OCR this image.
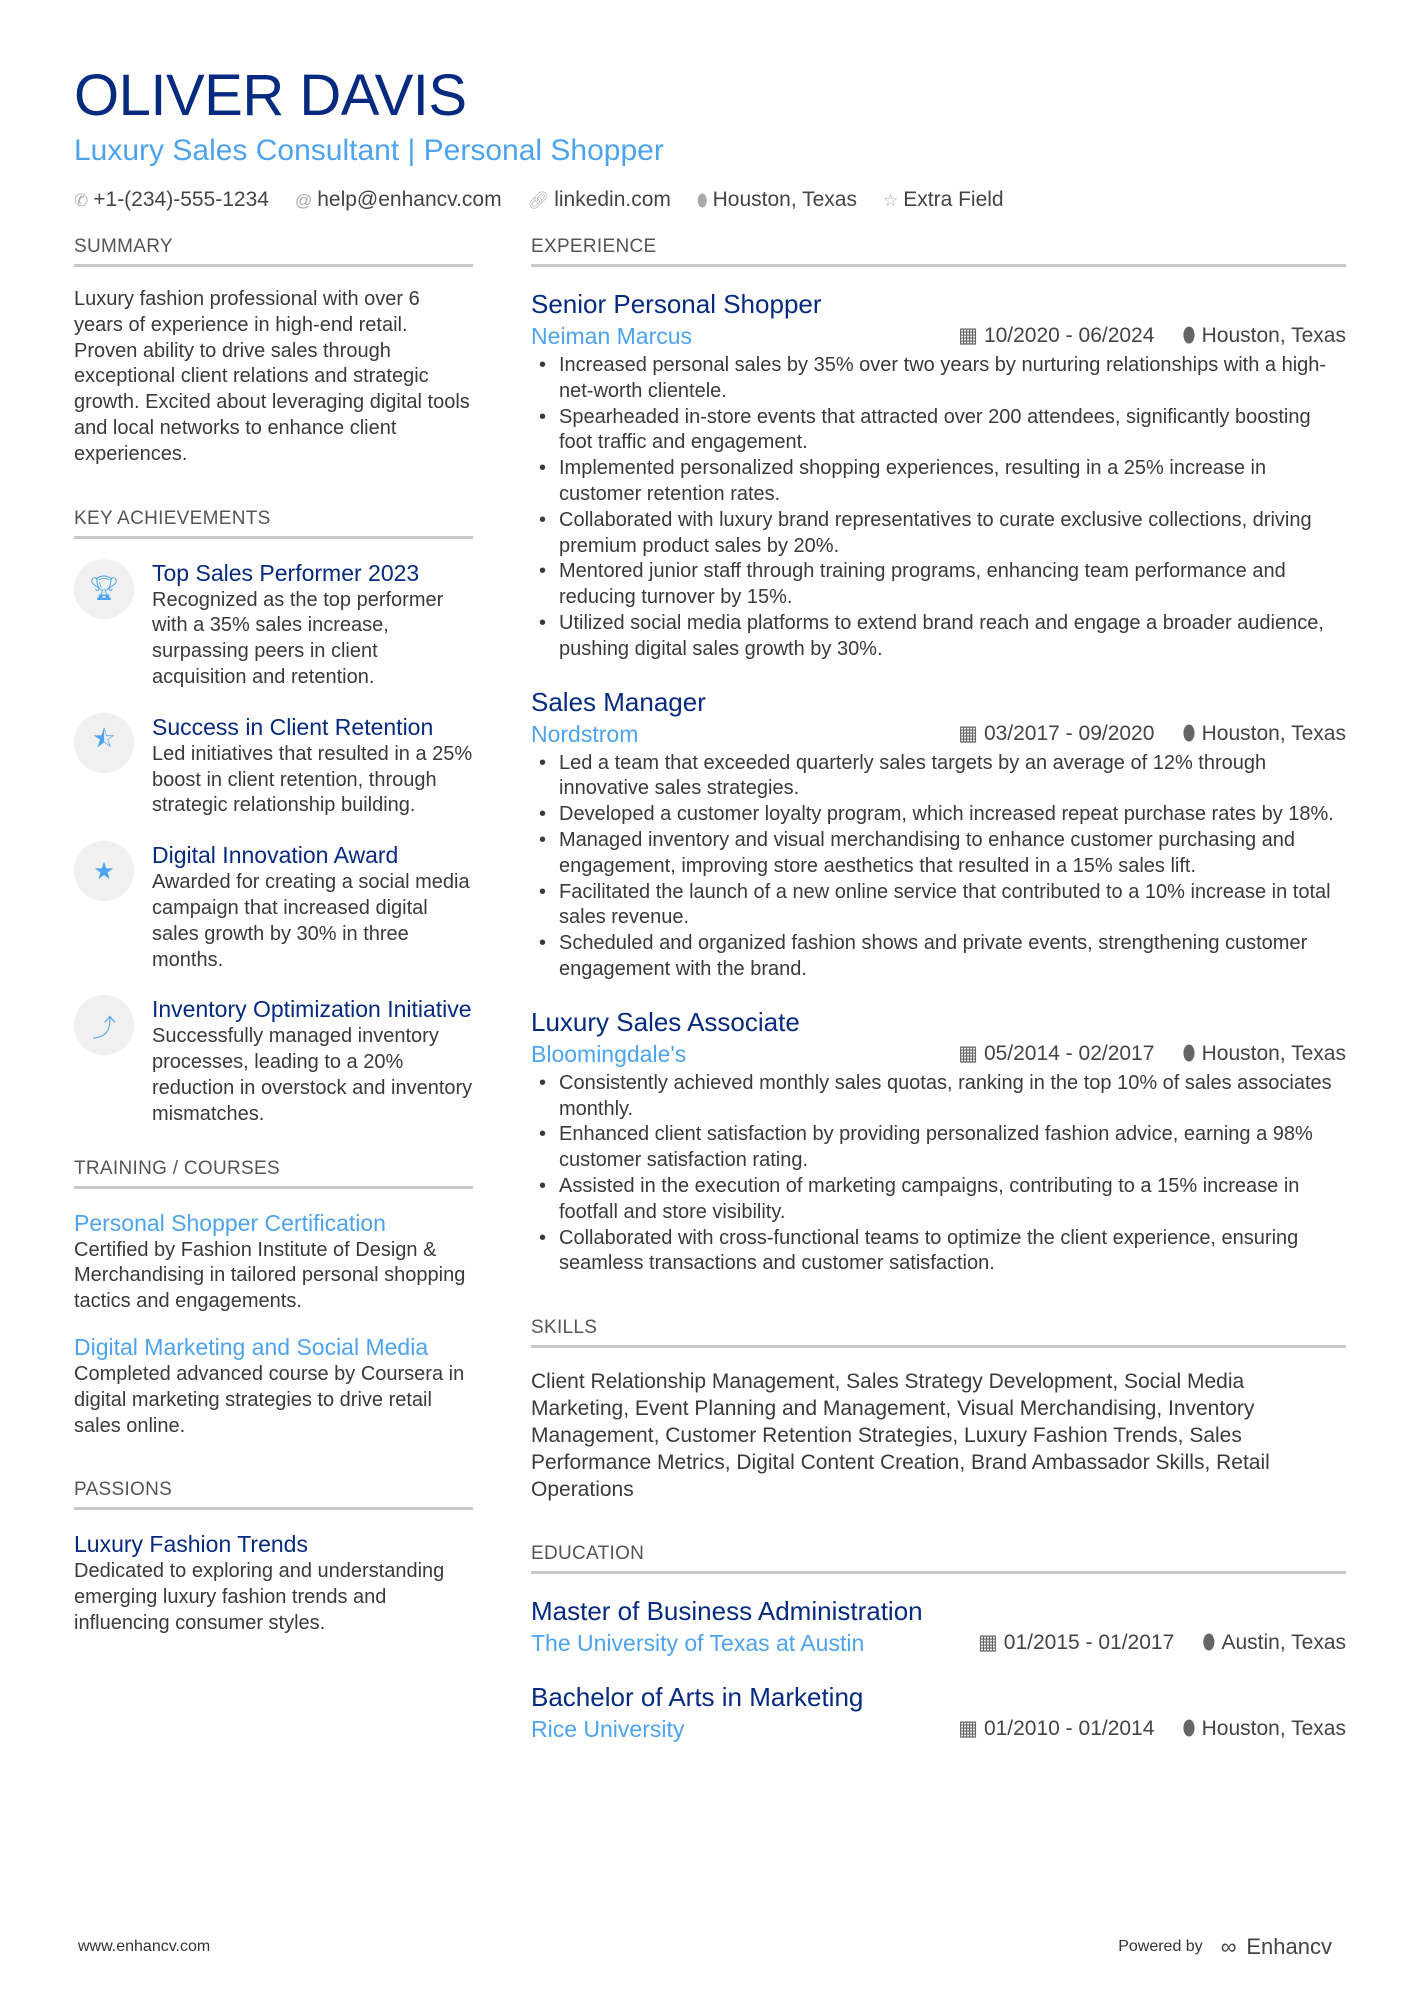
OLIVER DAVIS
Luxury Sales Consultant | Personal Shopper
✆ +1-(234)-555-1234 @ help@enhancv.com 🔗︎ linkedin.com ⬮ Houston, Texas ☆ Extra Field
SUMMARY
Luxury fashion professional with over 6 years of experience in high-end retail. Proven ability to drive sales through exceptional client relations and strategic growth. Excited about leveraging digital tools and local networks to enhance client experiences.
KEY ACHIEVEMENTS
🏆︎
Top Sales Performer 2023
Recognized as the top performer with a 35% sales increase, surpassing peers in client acquisition and retention.
⯪	Success in Client Retention
Led initiatives that resulted in a 25% boost in client retention, through strategic relationship building.
★
Digital Innovation Award
Awarded for creating a social media campaign that increased digital sales growth by 30% in three months.
⤴
Inventory Optimization Initiative
Successfully managed inventory processes, leading to a 20% reduction in overstock and inventory mismatches.
TRAINING / COURSES
Personal Shopper Certification
Certified by Fashion Institute of Design & Merchandising in tailored personal shopping tactics and engagements.
Digital Marketing and Social Media
Completed advanced course by Coursera in digital marketing strategies to drive retail sales online.
PASSIONS
Luxury Fashion Trends
Dedicated to exploring and understanding emerging luxury fashion trends and influencing consumer styles.
EXPERIENCE
Senior Personal Shopper
Neiman Marcus	▦ 10/2020 - 06/2024 ⬮ Houston, Texas
• Increased personal sales by 35% over two years by nurturing relationships with a high-net-worth clientele.
• Spearheaded in-store events that attracted over 200 attendees, significantly boosting foot traffic and engagement.
• Implemented personalized shopping experiences, resulting in a 25% increase in customer retention rates.
• Collaborated with luxury brand representatives to curate exclusive collections, driving premium product sales by 20%.
• Mentored junior staff through training programs, enhancing team performance and reducing turnover by 15%.
• Utilized social media platforms to extend brand reach and engage a broader audience, pushing digital sales growth by 30%.
Sales Manager
Nordstrom	▦ 03/2017 - 09/2020 ⬮ Houston, Texas
• Led a team that exceeded quarterly sales targets by an average of 12% through innovative sales strategies.
• Developed a customer loyalty program, which increased repeat purchase rates by 18%.
• Managed inventory and visual merchandising to enhance customer purchasing and engagement, improving store aesthetics that resulted in a 15% sales lift.
• Facilitated the launch of a new online service that contributed to a 10% increase in total sales revenue.
• Scheduled and organized fashion shows and private events, strengthening customer engagement with the brand.
Luxury Sales Associate
Bloomingdale's	▦ 05/2014 - 02/2017 ⬮ Houston, Texas
• Consistently achieved monthly sales quotas, ranking in the top 10% of sales associates monthly.
• Enhanced client satisfaction by providing personalized fashion advice, earning a 98% customer satisfaction rating.
• Assisted in the execution of marketing campaigns, contributing to a 15% increase in footfall and store visibility.
• Collaborated with cross-functional teams to optimize the client experience, ensuring seamless transactions and customer satisfaction.
SKILLS
Client Relationship Management, Sales Strategy Development, Social Media Marketing, Event Planning and Management, Visual Merchandising, Inventory Management, Customer Retention Strategies, Luxury Fashion Trends, Sales Performance Metrics, Digital Content Creation, Brand Ambassador Skills, Retail Operations
EDUCATION
Master of Business Administration
The University of Texas at Austin	▦ 01/2015 - 01/2017 ⬮ Austin, Texas
Bachelor of Arts in Marketing
Rice University	▦ 01/2010 - 01/2014 ⬮ Houston, Texas
www.enhancv.com	Powered by ∞ Enhancv
